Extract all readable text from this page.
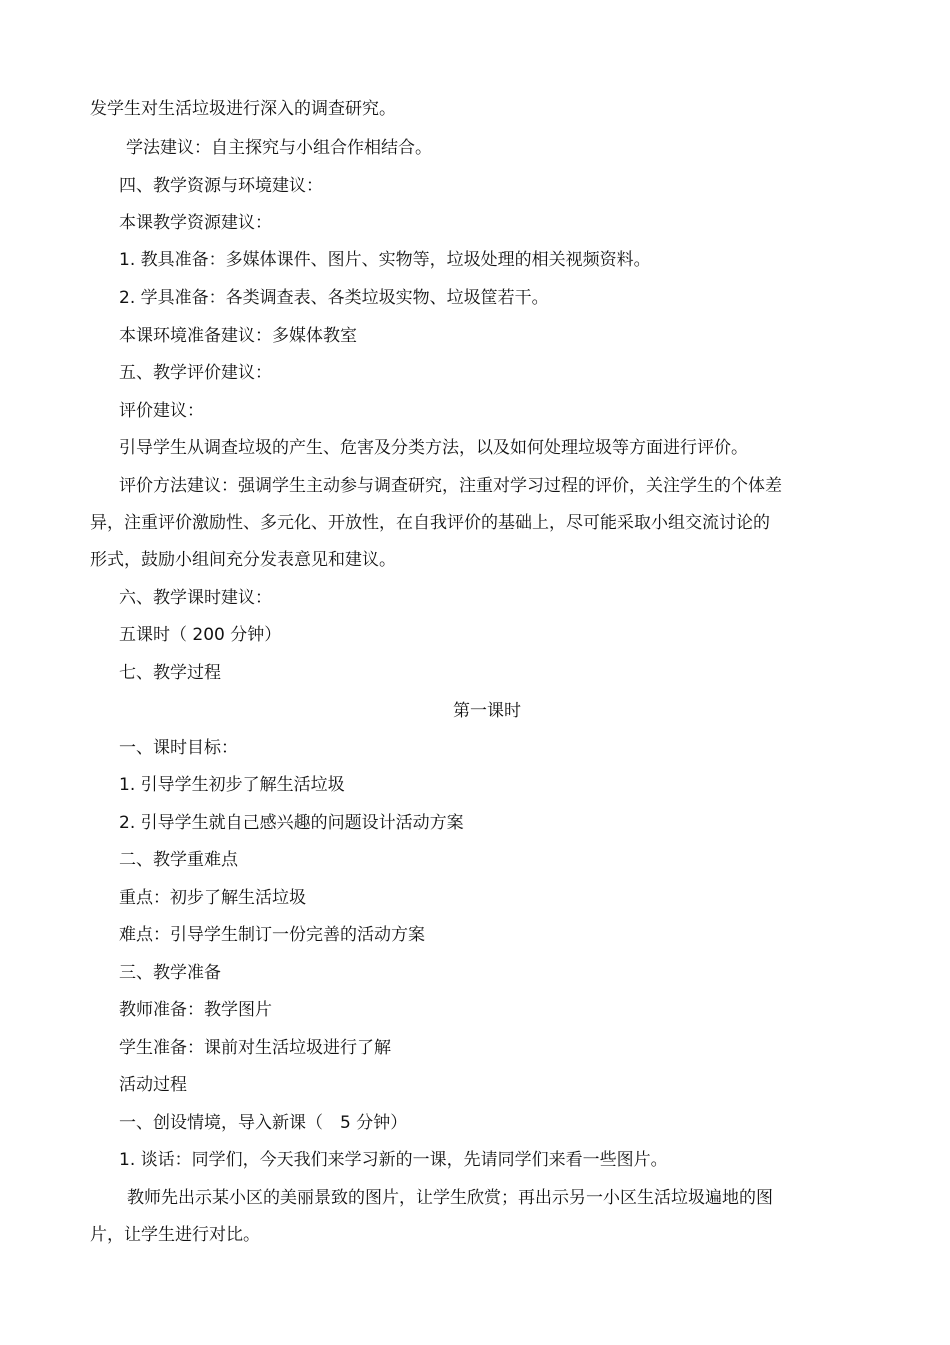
发学生对生活垃圾进行深入的调查研究。
学法建议：自主探究与小组合作相结合。
四、教学资源与环境建议：
本课教学资源建议：
1. 教具准备：多媒体课件、图片、实物等，垃圾处理的相关视频资料。
2. 学具准备：各类调查表、各类垃圾实物、垃圾筐若干。
本课环境准备建议：多媒体教室
五、教学评价建议：
评价建议：
引导学生从调查垃圾的产生、危害及分类方法，以及如何处理垃圾等方面进行评价。
评价方法建议：强调学生主动参与调查研究，注重对学习过程的评价，关注学生的个体差
异，注重评价激励性、多元化、开放性，在自我评价的基础上，尽可能采取小组交流讨论的
形式，鼓励小组间充分发表意见和建议。
六、教学课时建议：
五课时（ 200 分钟）
七、教学过程
第一课时
一、课时目标：
1. 引导学生初步了解生活垃圾
2. 引导学生就自己感兴趣的问题设计活动方案
二、教学重难点
重点：初步了解生活垃圾
难点：引导学生制订一份完善的活动方案
三、教学准备
教师准备：教学图片
学生准备：课前对生活垃圾进行了解
活动过程
一、创设情境，导入新课（　5 分钟）
1. 谈话：同学们，今天我们来学习新的一课，先请同学们来看一些图片。
教师先出示某小区的美丽景致的图片，让学生欣赏；再出示另一小区生活垃圾遍地的图
片，让学生进行对比。
